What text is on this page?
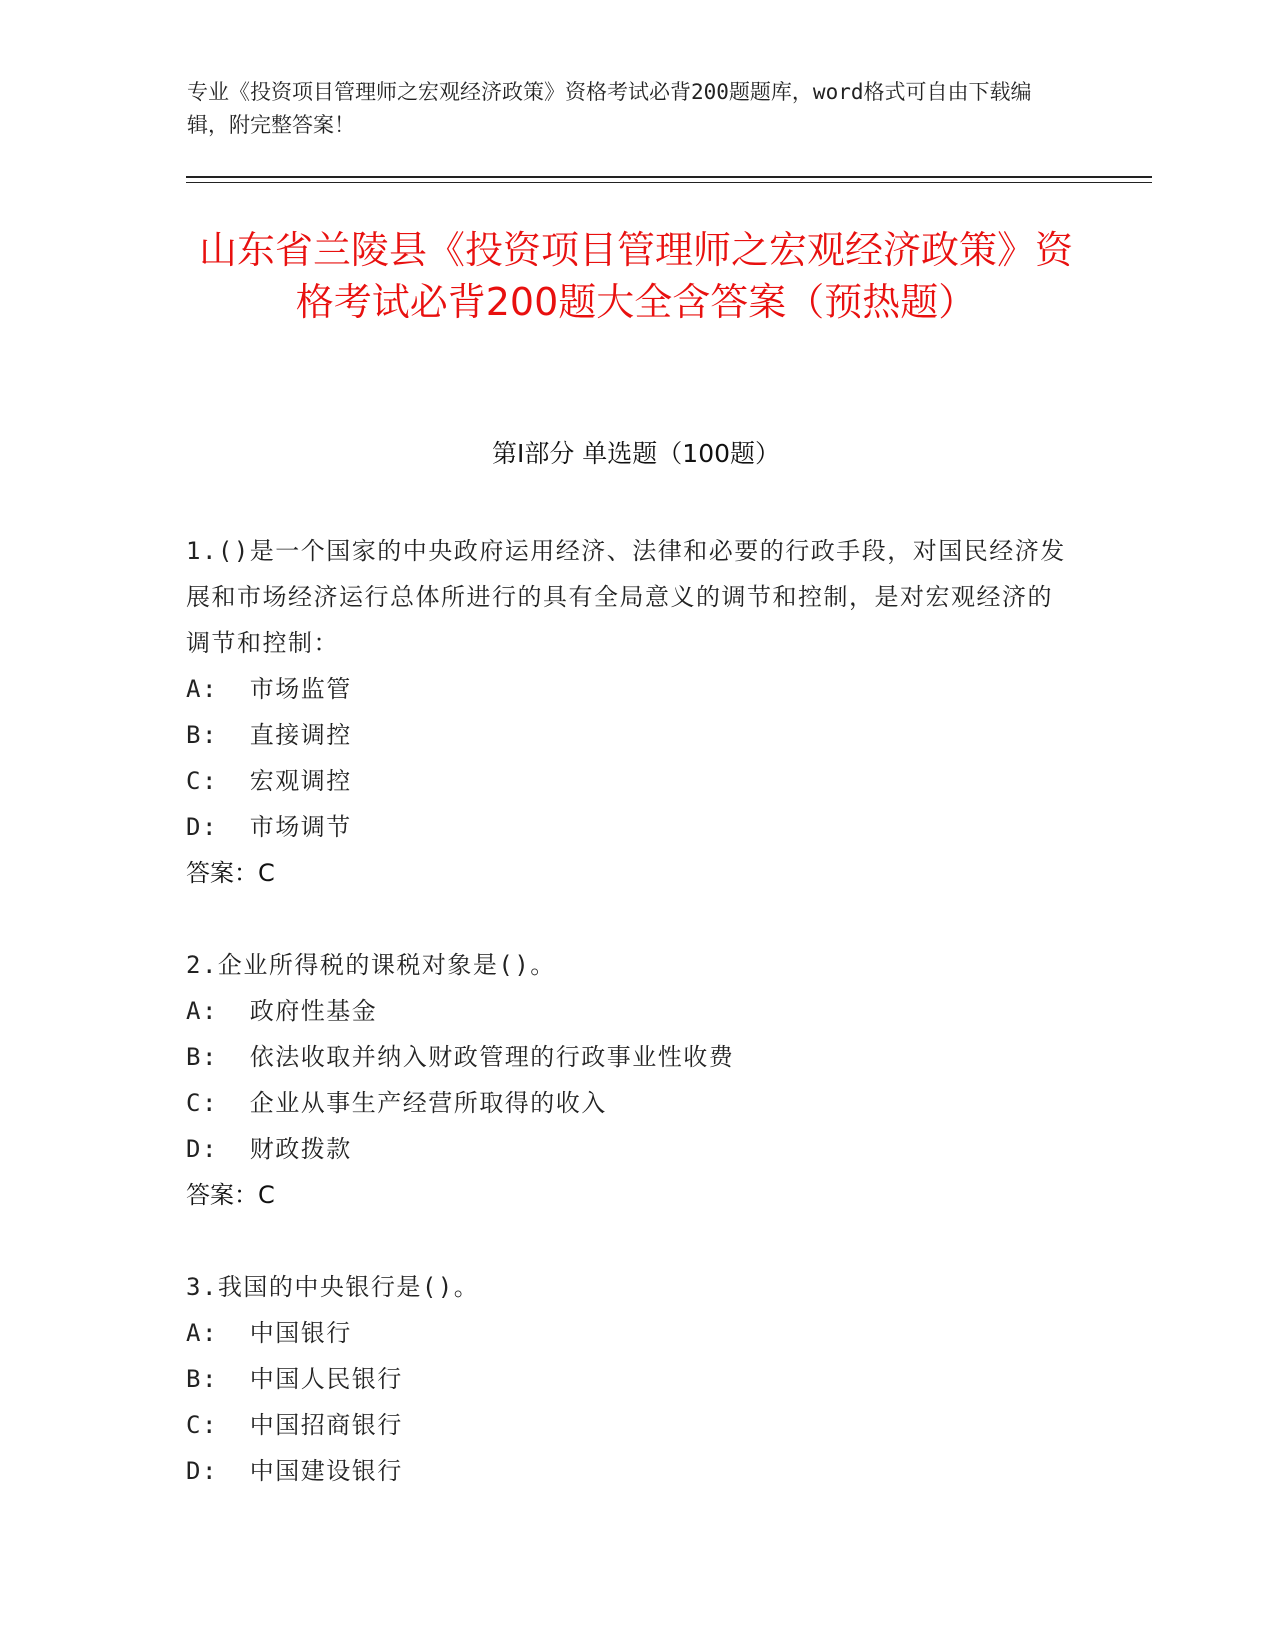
专业《投资项目管理师之宏观经济政策》资格考试必背200题题库，word格式可自由下载编辑，附完整答案！
山东省兰陵县《投资项目管理师之宏观经济政策》资格考试必背200题大全含答案（预热题）
第Ⅰ部分 单选题（100题）

1.()是一个国家的中央政府运用经济、法律和必要的行政手段，对国民经济发展和市场经济运行总体所进行的具有全局意义的调节和控制，是对宏观经济的调节和控制：

A:  市场监管

B:  直接调控

C:  宏观调控

D:  市场调节

答案：C

2.企业所得税的课税对象是()。

A:  政府性基金

B:  依法收取并纳入财政管理的行政事业性收费

C:  企业从事生产经营所取得的收入

D:  财政拨款

答案：C

3.我国的中央银行是()。

A:  中国银行

B:  中国人民银行

C:  中国招商银行

D:  中国建设银行
